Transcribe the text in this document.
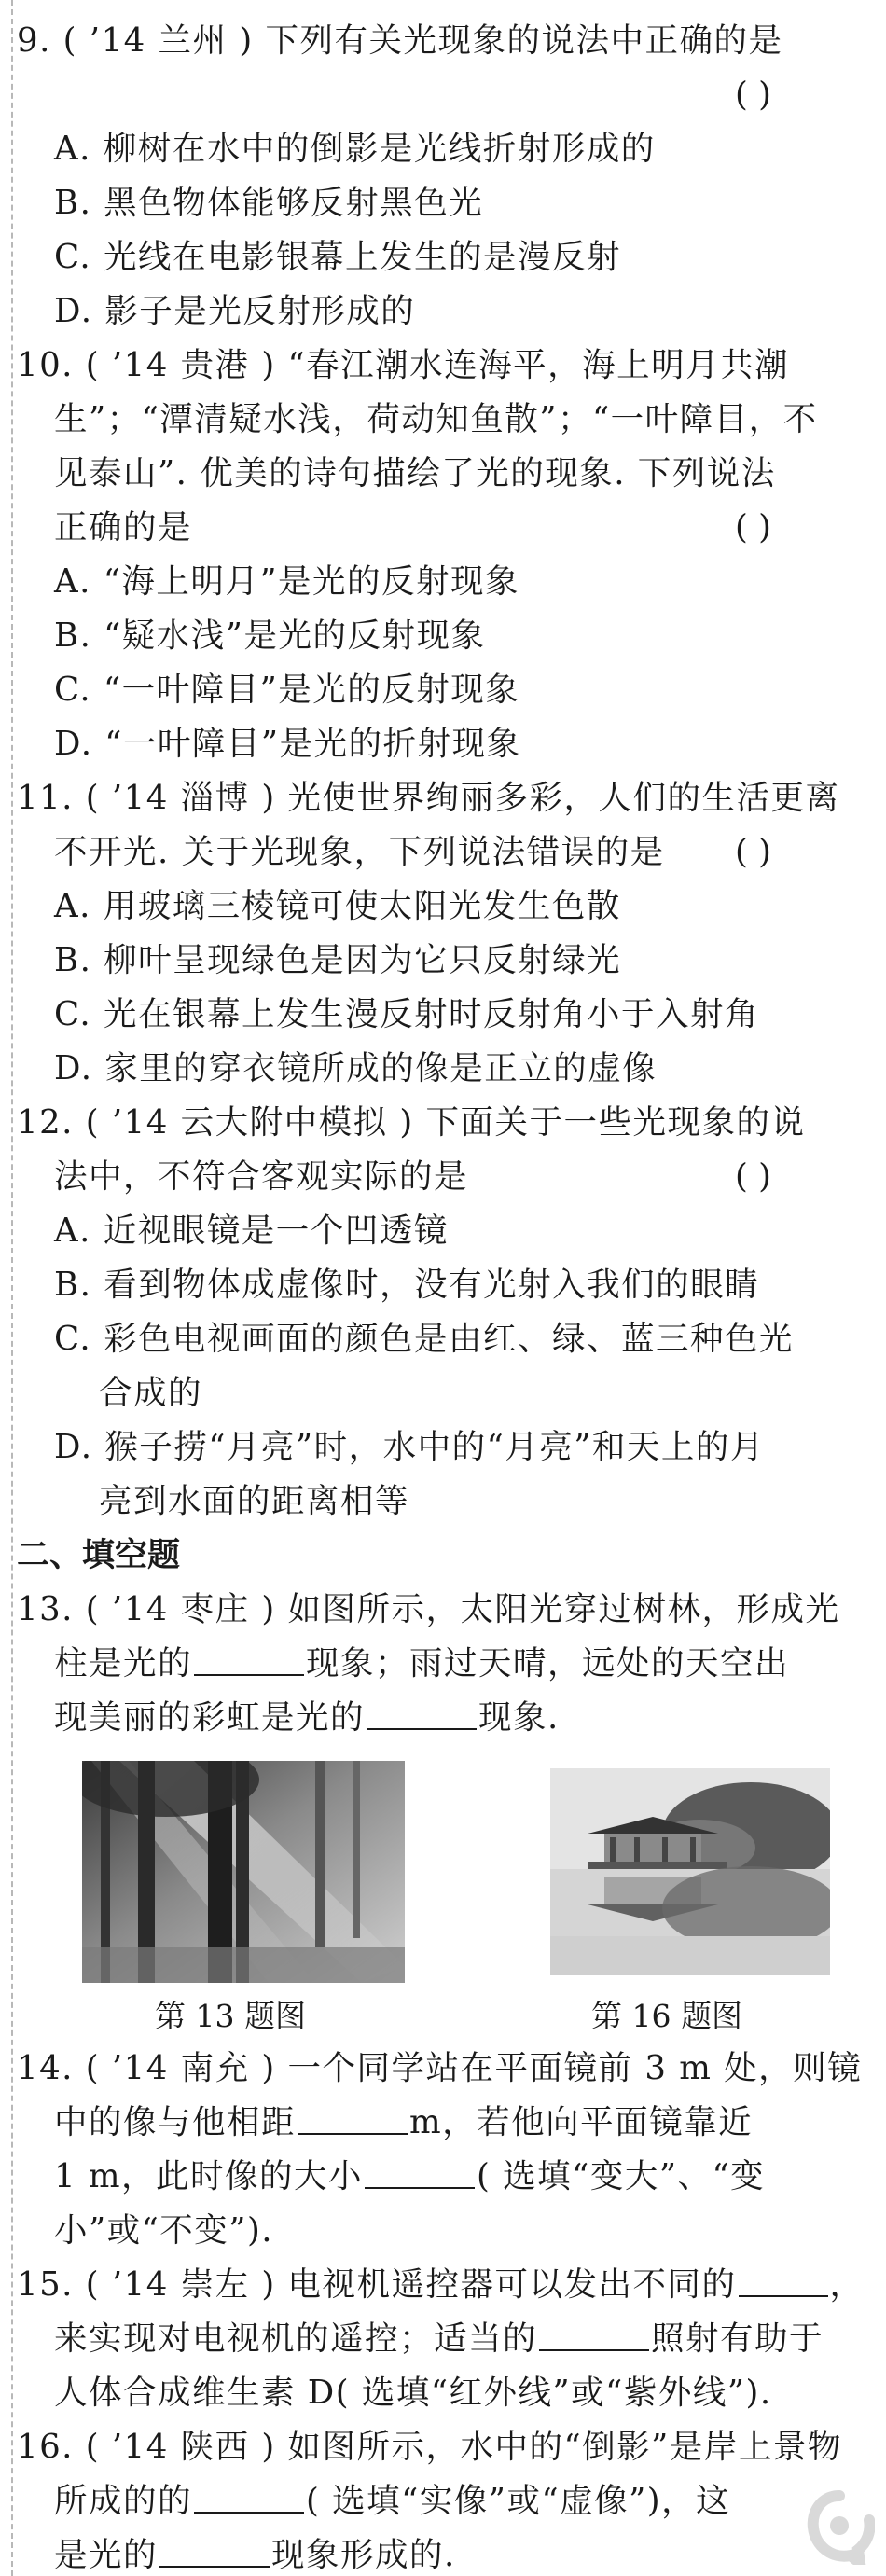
9. ( ’14 兰州 ) 下列有关光现象的说法中正确的是
( )
A. 柳树在水中的倒影是光线折射形成的
B. 黑色物体能够反射黑色光
C. 光线在电影银幕上发生的是漫反射
D. 影子是光反射形成的
10. ( ’14 贵港 ) “春江潮水连海平，海上明月共潮
生”；“潭清疑水浅，荷动知鱼散”；“一叶障目，不
见泰山”. 优美的诗句描绘了光的现象. 下列说法
正确的是	( )
A. “海上明月”是光的反射现象
B. “疑水浅”是光的反射现象
C. “一叶障目”是光的反射现象
D. “一叶障目”是光的折射现象
11. ( ’14 淄博 ) 光使世界绚丽多彩，人们的生活更离
不开光. 关于光现象，下列说法错误的是 ( )
A. 用玻璃三棱镜可使太阳光发生色散
B. 柳叶呈现绿色是因为它只反射绿光
C. 光在银幕上发生漫反射时反射角小于入射角
D. 家里的穿衣镜所成的像是正立的虚像
12. ( ’14 云大附中模拟 ) 下面关于一些光现象的说
法中，不符合客观实际的是	( )
A. 近视眼镜是一个凹透镜
B. 看到物体成虚像时，没有光射入我们的眼睛
C. 彩色电视画面的颜色是由红、绿、蓝三种色光
合成的
D. 猴子捞“月亮”时，水中的“月亮”和天上的月
亮到水面的距离相等
二、填空题
13. ( ’14 枣庄 ) 如图所示，太阳光穿过树林，形成光
柱是光的	现象；雨过天晴，远处的天空出
现美丽的彩虹是光的	现象.
第 13 题图	第 16 题图
14. ( ’14 南充 ) 一个同学站在平面镜前 3 m 处，则镜
中的像与他相距	m，若他向平面镜靠近
1 m，此时像的大小	( 选填“变大”、“变
小”或“不变”).
15. ( ’14 崇左 ) 电视机遥控器可以发出不同的	，
来实现对电视机的遥控；适当的	照射有助于
人体合成维生素 D( 选填“红外线”或“紫外线”).
16. ( ’14 陕西 ) 如图所示，水中的“倒影”是岸上景物
所成的的	( 选填“实像”或“虚像”)，这
是光的	现象形成的.
